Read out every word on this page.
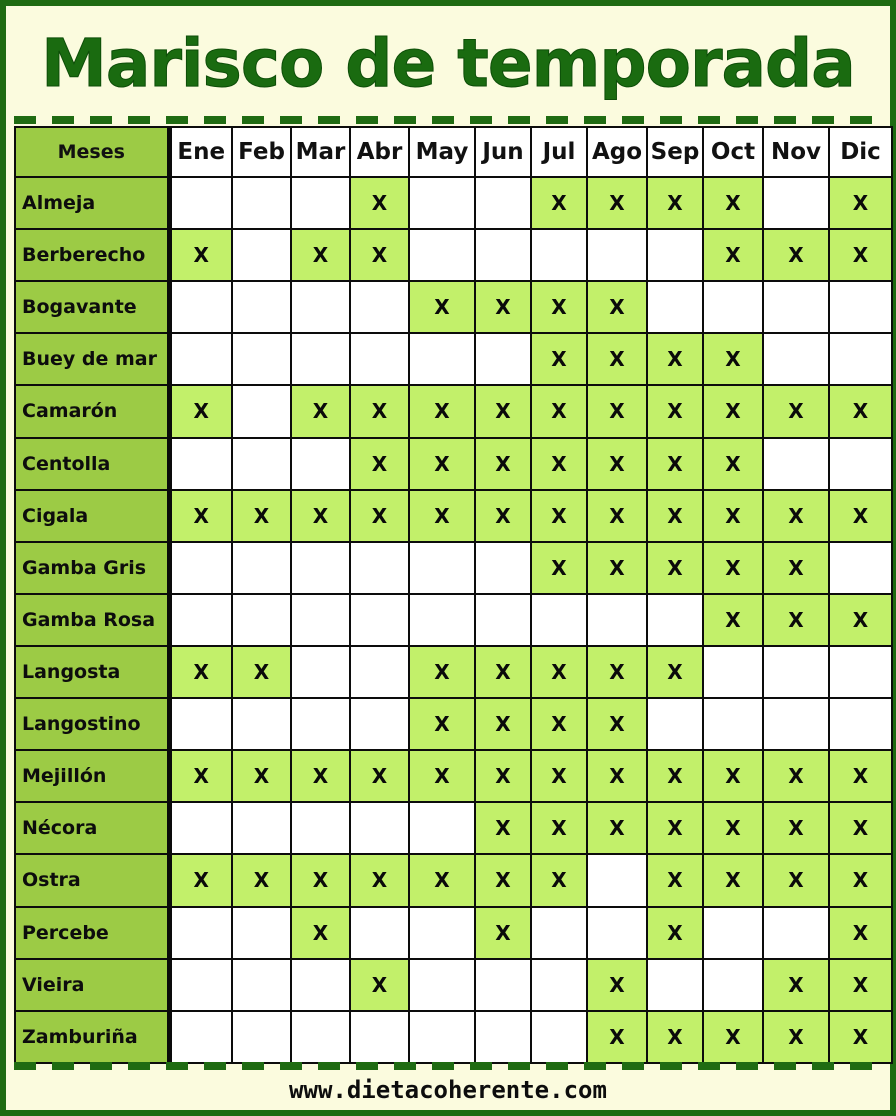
Marisco de temporada
Meses	Ene	Feb	Mar	Abr	May	Jun	Jul	Ago	Sep	Oct	Nov	Dic
Almeja				X			X	X	X	X		X
Berberecho	X		X	X						X	X	X
Bogavante					X	X	X	X				
Buey de mar							X	X	X	X		
Camarón	X		X	X	X	X	X	X	X	X	X	X
Centolla				X	X	X	X	X	X	X		
Cigala	X	X	X	X	X	X	X	X	X	X	X	X
Gamba Gris							X	X	X	X	X	
Gamba Rosa										X	X	X
Langosta	X	X			X	X	X	X	X			
Langostino					X	X	X	X				
Mejillón	X	X	X	X	X	X	X	X	X	X	X	X
Nécora						X	X	X	X	X	X	X
Ostra	X	X	X	X	X	X	X		X	X	X	X
Percebe			X			X			X			X
Vieira				X				X			X	X
Zamburiña								X	X	X	X	X
www.dietacoherente.com
